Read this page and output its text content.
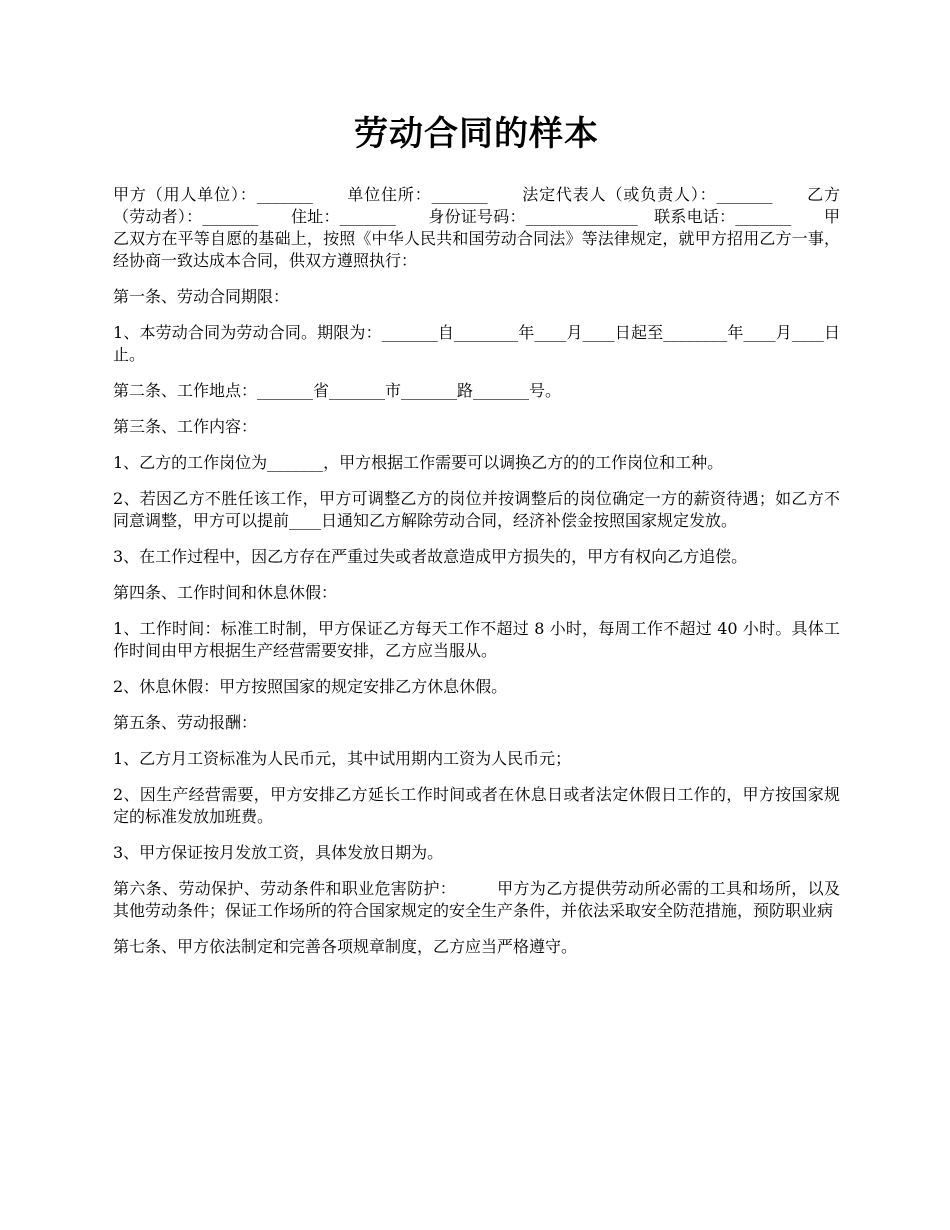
劳动合同的样本

甲方（用人单位）：_______　　单位住所：_______　　法定代表人（或负责人）：_______　　乙方（劳动者）：_______　　住址：_______　　身份证号码：______________　联系电话：_______　　甲乙双方在平等自愿的基础上，按照《中华人民共和国劳动合同法》等法律规定，就甲方招用乙方一事，经协商一致达成本合同，供双方遵照执行：

第一条、劳动合同期限：

1、本劳动合同为劳动合同。期限为：_______自________年____月____日起至________年____月____日止。

第二条、工作地点：_______省_______市_______路_______号。

第三条、工作内容：

1、乙方的工作岗位为_______，甲方根据工作需要可以调换乙方的的工作岗位和工种。

2、若因乙方不胜任该工作，甲方可调整乙方的岗位并按调整后的岗位确定一方的薪资待遇；如乙方不同意调整，甲方可以提前____日通知乙方解除劳动合同，经济补偿金按照国家规定发放。

3、在工作过程中，因乙方存在严重过失或者故意造成甲方损失的，甲方有权向乙方追偿。

第四条、工作时间和休息休假：

1、工作时间：标准工时制，甲方保证乙方每天工作不超过 8 小时，每周工作不超过 40 小时。具体工作时间由甲方根据生产经营需要安排，乙方应当服从。

2、休息休假：甲方按照国家的规定安排乙方休息休假。

第五条、劳动报酬：

1、乙方月工资标准为人民币元，其中试用期内工资为人民币元；

2、因生产经营需要，甲方安排乙方延长工作时间或者在休息日或者法定休假日工作的，甲方按国家规定的标准发放加班费。

3、甲方保证按月发放工资，具体发放日期为。

第六条、劳动保护、劳动条件和职业危害防护：　　　甲方为乙方提供劳动所必需的工具和场所，以及其他劳动条件；保证工作场所的符合国家规定的安全生产条件，并依法采取安全防范措施，预防职业病

第七条、甲方依法制定和完善各项规章制度，乙方应当严格遵守。
